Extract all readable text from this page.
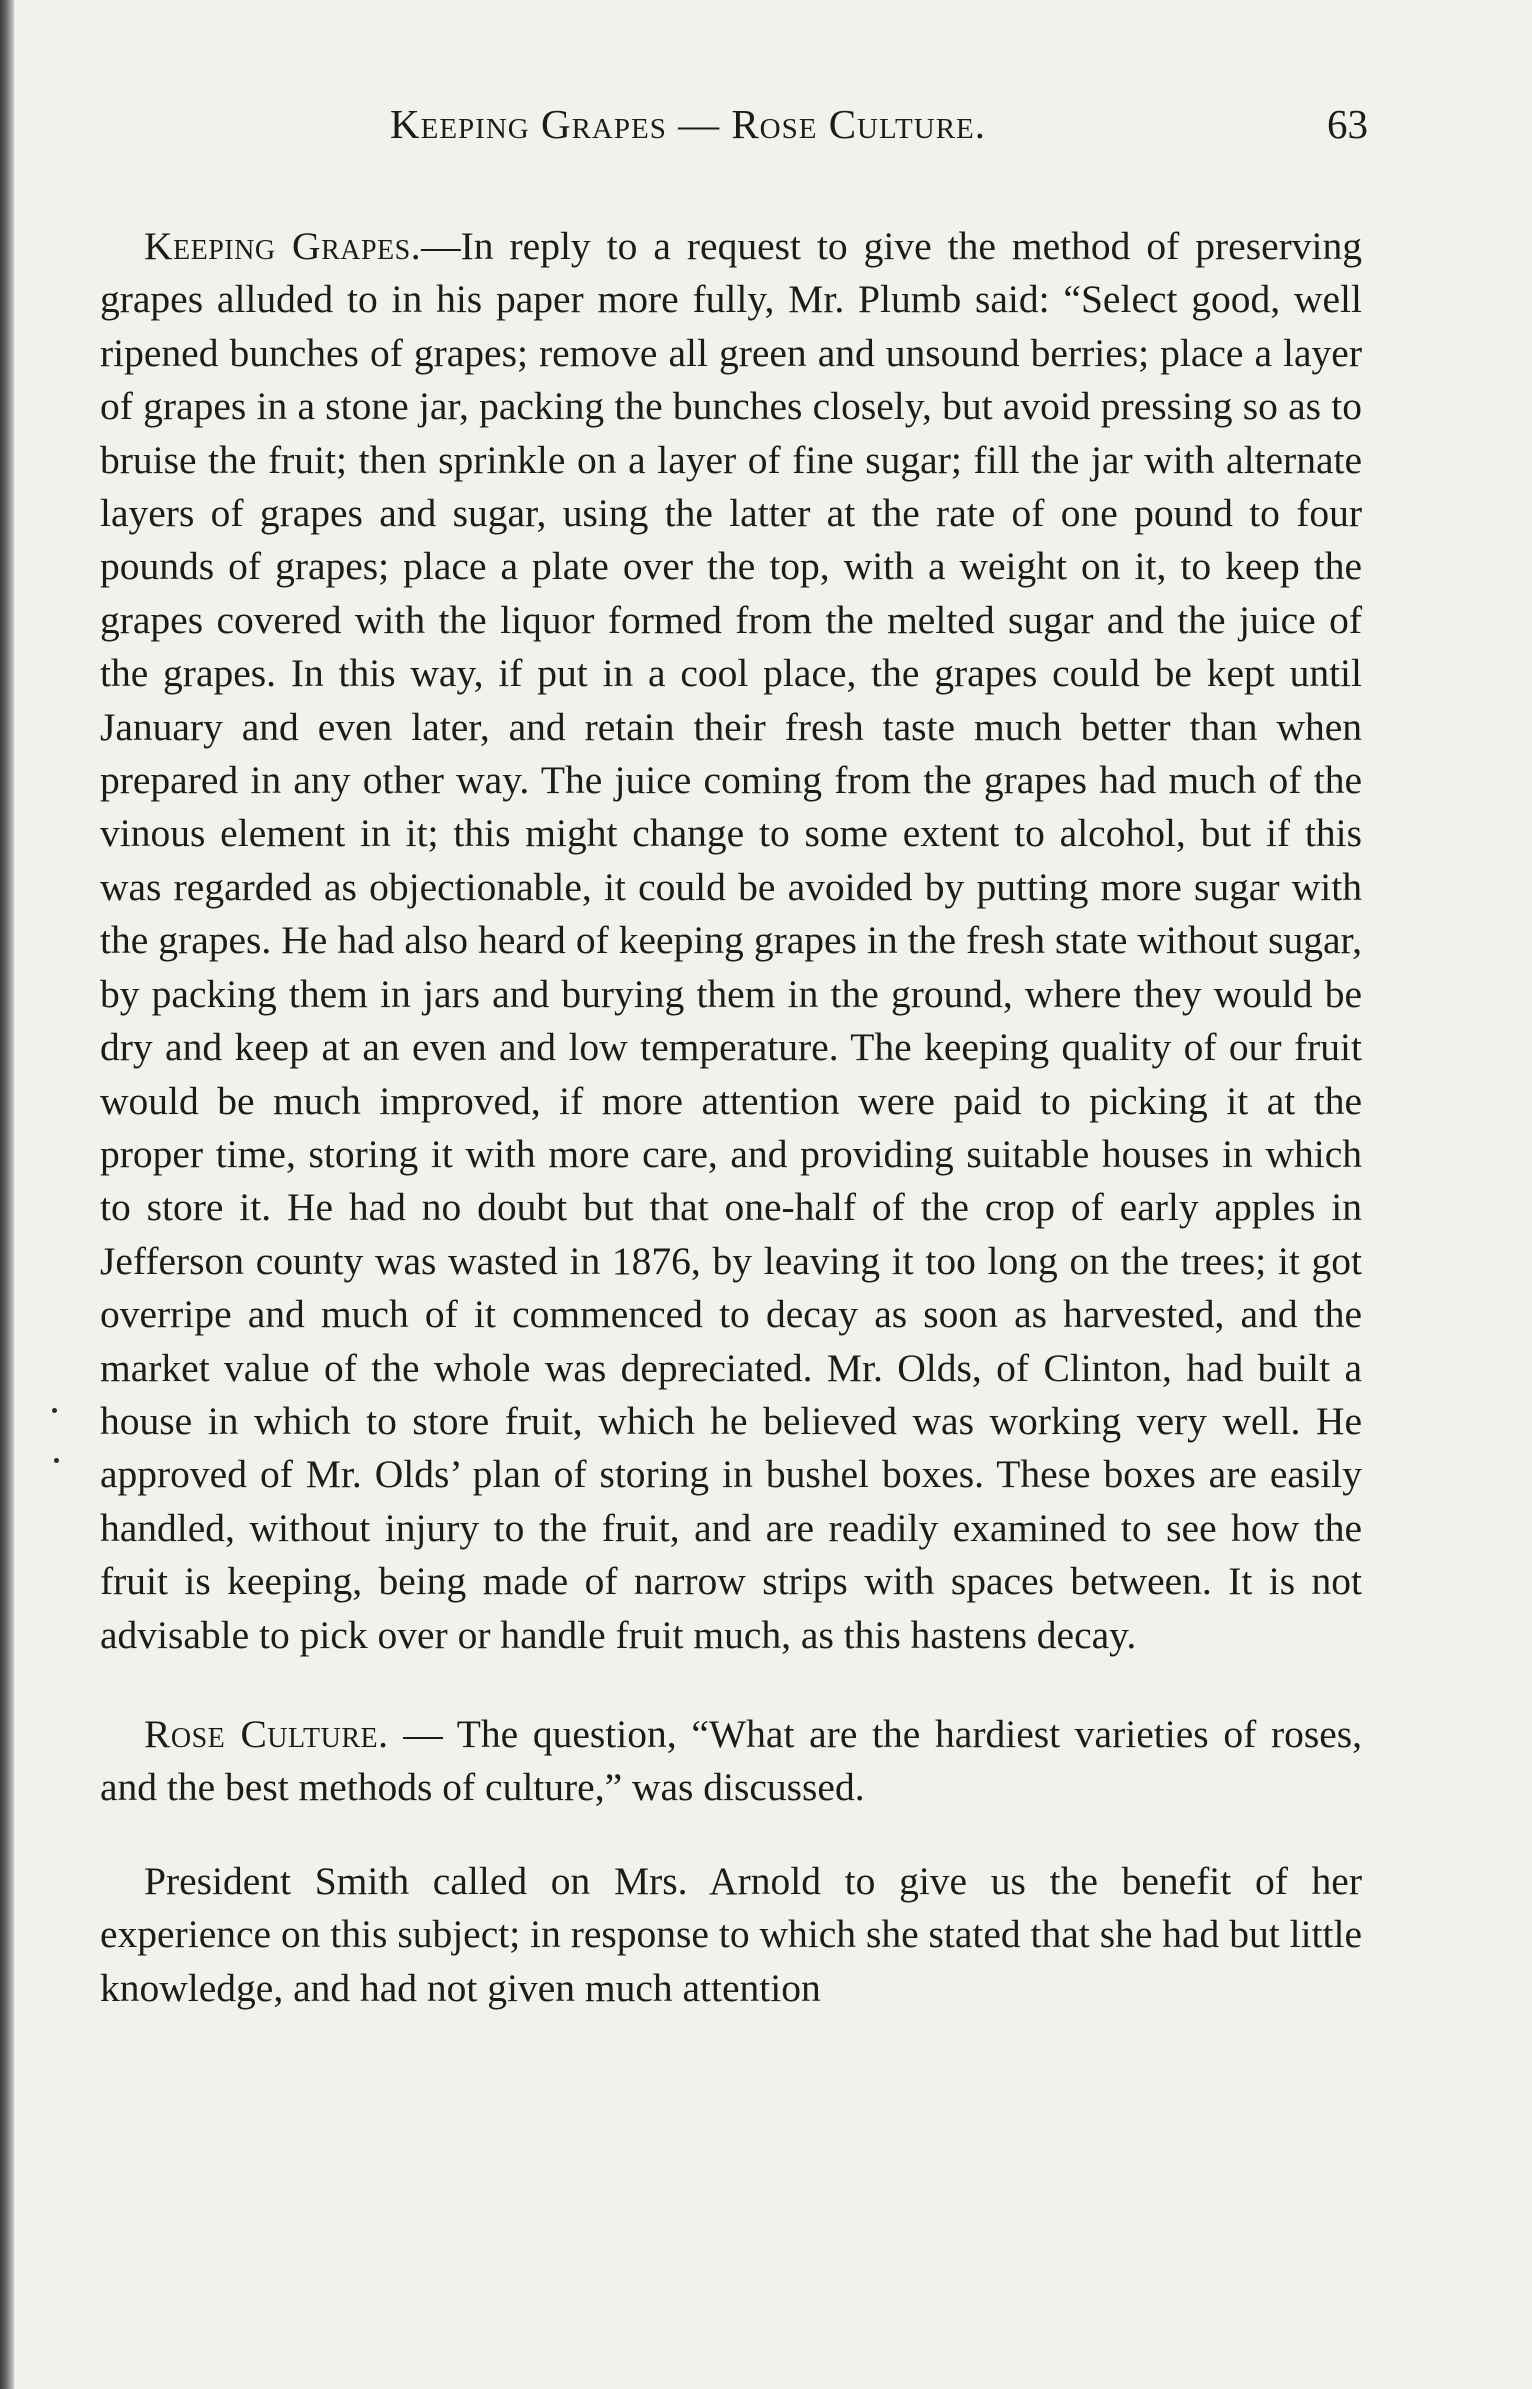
Keeping Grapes — Rose Culture.	63

Keeping Grapes.—In reply to a request to give the method of preserving grapes alluded to in his paper more fully, Mr. Plumb said: “Select good, well ripened bunches of grapes; remove all green and unsound berries; place a layer of grapes in a stone jar, packing the bunches closely, but avoid pressing so as to bruise the fruit; then sprinkle on a layer of fine sugar; fill the jar with alternate layers of grapes and sugar, using the latter at the rate of one pound to four pounds of grapes; place a plate over the top, with a weight on it, to keep the grapes covered with the liquor formed from the melted sugar and the juice of the grapes. In this way, if put in a cool place, the grapes could be kept until January and even later, and retain their fresh taste much better than when prepared in any other way. The juice coming from the grapes had much of the vinous element in it; this might change to some extent to alcohol, but if this was regarded as objectionable, it could be avoided by putting more sugar with the grapes. He had also heard of keeping grapes in the fresh state without sugar, by packing them in jars and burying them in the ground, where they would be dry and keep at an even and low temperature. The keeping quality of our fruit would be much improved, if more attention were paid to picking it at the proper time, storing it with more care, and providing suitable houses in which to store it. He had no doubt but that one-half of the crop of early apples in Jefferson county was wasted in 1876, by leaving it too long on the trees; it got overripe and much of it commenced to decay as soon as harvested, and the market value of the whole was depreciated. Mr. Olds, of Clinton, had built a house in which to store fruit, which he believed was working very well. He approved of Mr. Olds’ plan of storing in bushel boxes. These boxes are easily handled, without injury to the fruit, and are readily examined to see how the fruit is keeping, being made of narrow strips with spaces between. It is not advisable to pick over or handle fruit much, as this hastens decay.

Rose Culture. — The question, “What are the hardiest varieties of roses, and the best methods of culture,” was discussed.

President Smith called on Mrs. Arnold to give us the benefit of her experience on this subject; in response to which she stated that she had but little knowledge, and had not given much attention
